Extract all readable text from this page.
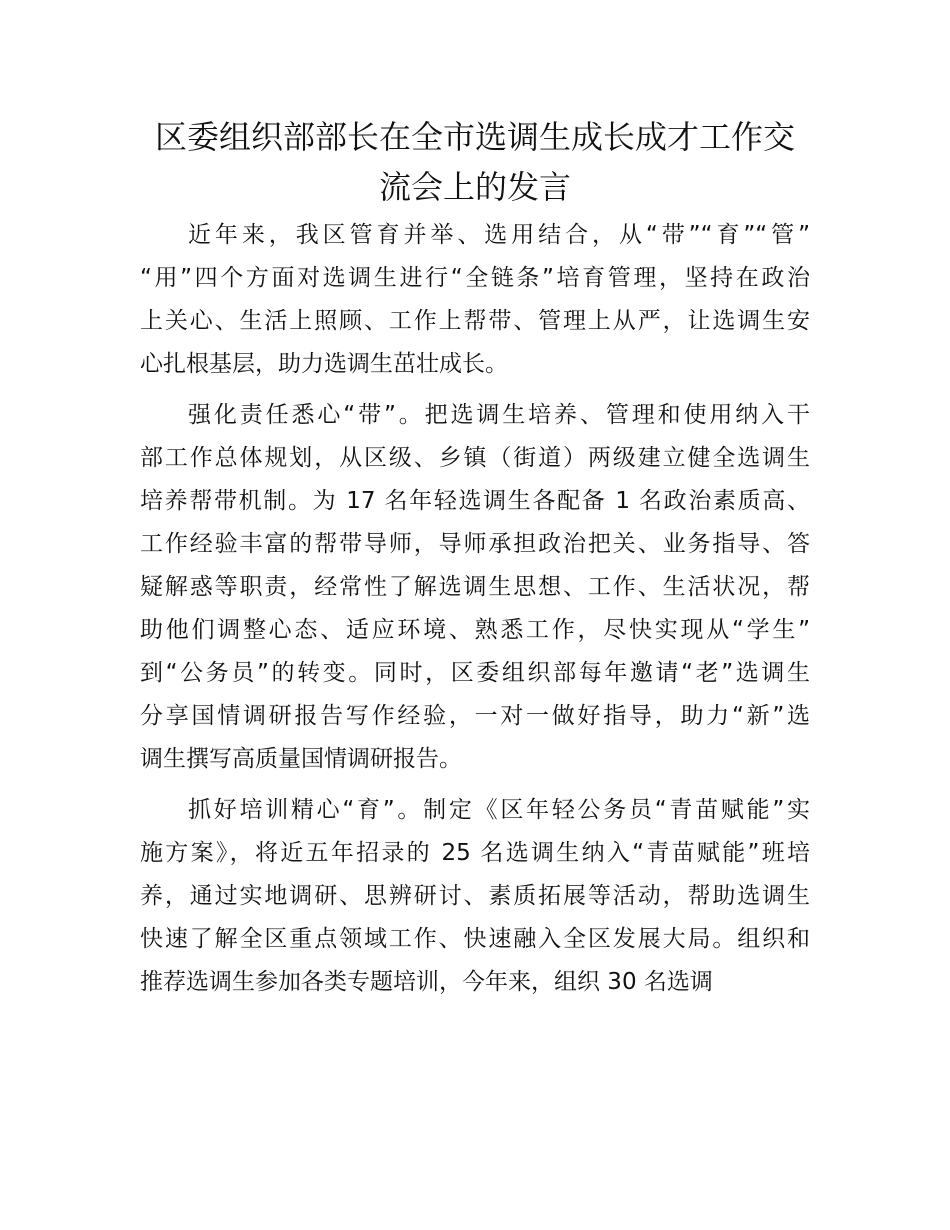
区委组织部部长在全市选调生成长成才工作交
流会上的发言
近年来，我区管育并举、选用结合，从“带”“育”“管”
“用”四个方面对选调生进行“全链条”培育管理，坚持在政治
上关心、生活上照顾、工作上帮带、管理上从严，让选调生安
心扎根基层，助力选调生茁壮成长。
强化责任悉心“带”。把选调生培养、管理和使用纳入干
部工作总体规划，从区级、乡镇（街道）两级建立健全选调生
培养帮带机制。为 17 名年轻选调生各配备 1 名政治素质高、
工作经验丰富的帮带导师，导师承担政治把关、业务指导、答
疑解惑等职责，经常性了解选调生思想、工作、生活状况，帮
助他们调整心态、适应环境、熟悉工作，尽快实现从“学生”
到“公务员”的转变。同时，区委组织部每年邀请“老”选调生
分享国情调研报告写作经验，一对一做好指导，助力“新”选
调生撰写高质量国情调研报告。
抓好培训精心“育”。制定《区年轻公务员“青苗赋能”实
施方案》，将近五年招录的 25 名选调生纳入“青苗赋能”班培
养，通过实地调研、思辨研讨、素质拓展等活动，帮助选调生
快速了解全区重点领域工作、快速融入全区发展大局。组织和
推荐选调生参加各类专题培训，今年来，组织 30 名选调
